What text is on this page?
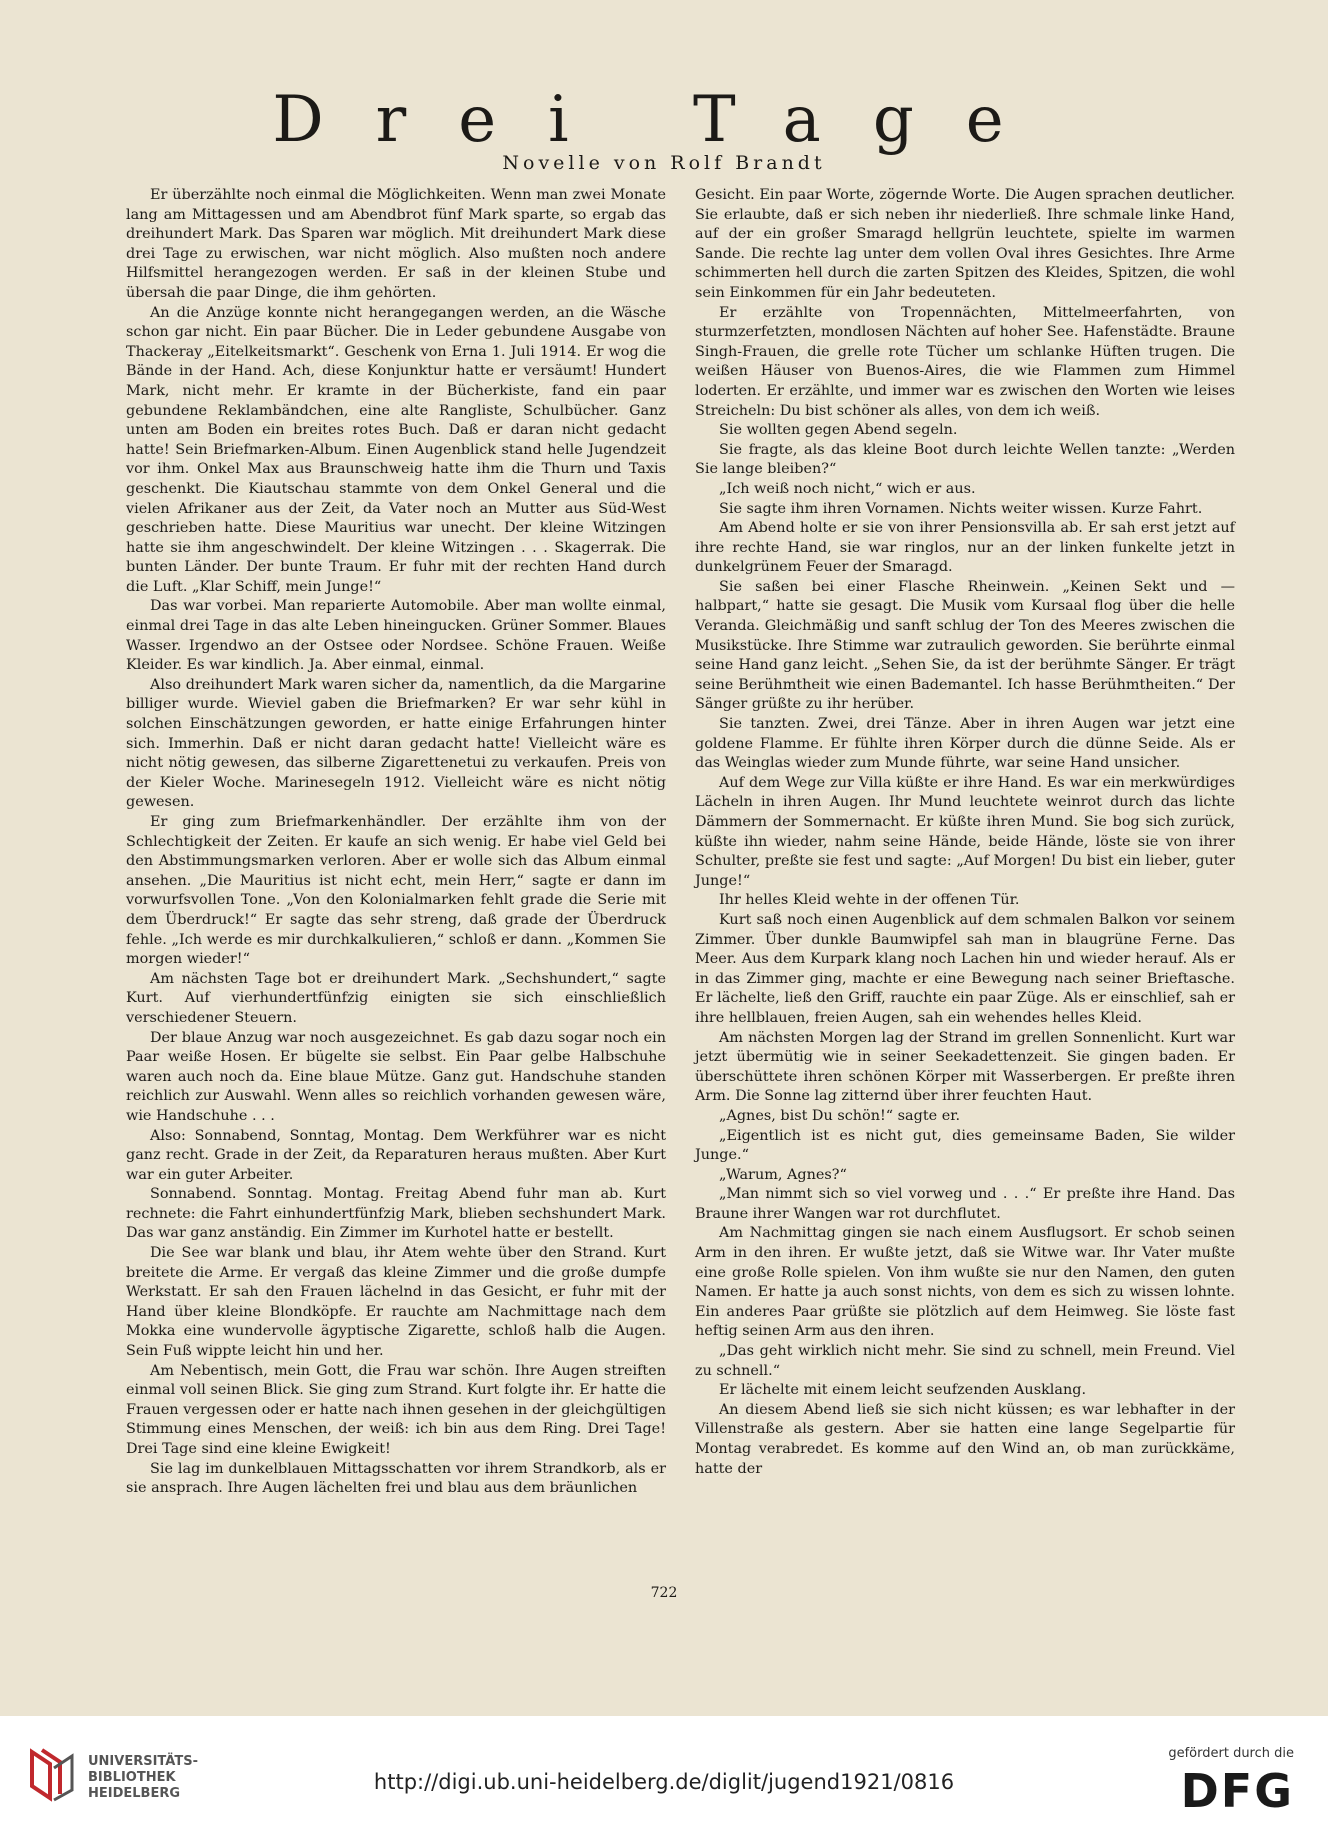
Drei Tage
Novelle von Rolf Brandt

Er überzählte noch einmal die Möglichkeiten. Wenn man zwei Monate lang am Mittagessen und am Abendbrot fünf Mark sparte, so ergab das dreihundert Mark. Das Sparen war möglich. Mit dreihundert Mark diese drei Tage zu erwischen, war nicht möglich. Also mußten noch andere Hilfsmittel herangezogen werden. Er saß in der kleinen Stube und übersah die paar Dinge, die ihm gehörten.

An die Anzüge konnte nicht herangegangen werden, an die Wäsche schon gar nicht. Ein paar Bücher. Die in Leder gebundene Ausgabe von Thackeray „Eitelkeitsmarkt“. Geschenk von Erna 1. Juli 1914. Er wog die Bände in der Hand. Ach, diese Konjunktur hatte er versäumt! Hundert Mark, nicht mehr. Er kramte in der Bücherkiste, fand ein paar gebundene Reklambändchen, eine alte Rangliste, Schulbücher. Ganz unten am Boden ein breites rotes Buch. Daß er daran nicht gedacht hatte! Sein Briefmarken-Album. Einen Augenblick stand helle Jugendzeit vor ihm. Onkel Max aus Braunschweig hatte ihm die Thurn und Taxis geschenkt. Die Kiautschau stammte von dem Onkel General und die vielen Afrikaner aus der Zeit, da Vater noch an Mutter aus Süd-West geschrieben hatte. Diese Mauritius war unecht. Der kleine Witzingen hatte sie ihm angeschwindelt. Der kleine Witzingen . . . Skagerrak. Die bunten Länder. Der bunte Traum. Er fuhr mit der rechten Hand durch die Luft. „Klar Schiff, mein Junge!“

Das war vorbei. Man reparierte Automobile. Aber man wollte einmal, einmal drei Tage in das alte Leben hineingucken. Grüner Sommer. Blaues Wasser. Irgendwo an der Ostsee oder Nordsee. Schöne Frauen. Weiße Kleider. Es war kindlich. Ja. Aber einmal, einmal.

Also dreihundert Mark waren sicher da, namentlich, da die Margarine billiger wurde. Wieviel gaben die Briefmarken? Er war sehr kühl in solchen Einschätzungen geworden, er hatte einige Erfahrungen hinter sich. Immerhin. Daß er nicht daran gedacht hatte! Vielleicht wäre es nicht nötig gewesen, das silberne Zigarettenetui zu verkaufen. Preis von der Kieler Woche. Marinesegeln 1912. Vielleicht wäre es nicht nötig gewesen.

Er ging zum Briefmarkenhändler. Der erzählte ihm von der Schlechtigkeit der Zeiten. Er kaufe an sich wenig. Er habe viel Geld bei den Abstimmungsmarken verloren. Aber er wolle sich das Album einmal ansehen. „Die Mauritius ist nicht echt, mein Herr,“ sagte er dann im vorwurfsvollen Tone. „Von den Kolonialmarken fehlt grade die Serie mit dem Überdruck!“ Er sagte das sehr streng, daß grade der Überdruck fehle. „Ich werde es mir durchkalkulieren,“ schloß er dann. „Kommen Sie morgen wieder!“

Am nächsten Tage bot er dreihundert Mark. „Sechshundert,“ sagte Kurt. Auf vierhundertfünfzig einigten sie sich einschließlich verschiedener Steuern.

Der blaue Anzug war noch ausgezeichnet. Es gab dazu sogar noch ein Paar weiße Hosen. Er bügelte sie selbst. Ein Paar gelbe Halbschuhe waren auch noch da. Eine blaue Mütze. Ganz gut. Handschuhe standen reichlich zur Auswahl. Wenn alles so reichlich vorhanden gewesen wäre, wie Handschuhe . . .

Also: Sonnabend, Sonntag, Montag. Dem Werkführer war es nicht ganz recht. Grade in der Zeit, da Reparaturen heraus mußten. Aber Kurt war ein guter Arbeiter.

Sonnabend. Sonntag. Montag. Freitag Abend fuhr man ab. Kurt rechnete: die Fahrt einhundertfünfzig Mark, blieben sechshundert Mark. Das war ganz anständig. Ein Zimmer im Kurhotel hatte er bestellt.

Die See war blank und blau, ihr Atem wehte über den Strand. Kurt breitete die Arme. Er vergaß das kleine Zimmer und die große dumpfe Werkstatt. Er sah den Frauen lächelnd in das Gesicht, er fuhr mit der Hand über kleine Blondköpfe. Er rauchte am Nachmittage nach dem Mokka eine wundervolle ägyptische Zigarette, schloß halb die Augen. Sein Fuß wippte leicht hin und her.

Am Nebentisch, mein Gott, die Frau war schön. Ihre Augen streiften einmal voll seinen Blick. Sie ging zum Strand. Kurt folgte ihr. Er hatte die Frauen vergessen oder er hatte nach ihnen gesehen in der gleichgültigen Stimmung eines Menschen, der weiß: ich bin aus dem Ring. Drei Tage! Drei Tage sind eine kleine Ewigkeit!

Sie lag im dunkelblauen Mittagsschatten vor ihrem Strandkorb, als er sie ansprach. Ihre Augen lächelten frei und blau aus dem bräunlichen

Gesicht. Ein paar Worte, zögernde Worte. Die Augen sprachen deutlicher. Sie erlaubte, daß er sich neben ihr niederließ. Ihre schmale linke Hand, auf der ein großer Smaragd hellgrün leuchtete, spielte im warmen Sande. Die rechte lag unter dem vollen Oval ihres Gesichtes. Ihre Arme schimmerten hell durch die zarten Spitzen des Kleides, Spitzen, die wohl sein Einkommen für ein Jahr bedeuteten.

Er erzählte von Tropennächten, Mittelmeerfahrten, von sturmzerfetzten, mondlosen Nächten auf hoher See. Hafenstädte. Braune Singh-Frauen, die grelle rote Tücher um schlanke Hüften trugen. Die weißen Häuser von Buenos-Aires, die wie Flammen zum Himmel loderten. Er erzählte, und immer war es zwischen den Worten wie leises Streicheln: Du bist schöner als alles, von dem ich weiß.

Sie wollten gegen Abend segeln.

Sie fragte, als das kleine Boot durch leichte Wellen tanzte: „Werden Sie lange bleiben?“

„Ich weiß noch nicht,“ wich er aus.

Sie sagte ihm ihren Vornamen. Nichts weiter wissen. Kurze Fahrt.

Am Abend holte er sie von ihrer Pensionsvilla ab. Er sah erst jetzt auf ihre rechte Hand, sie war ringlos, nur an der linken funkelte jetzt in dunkelgrünem Feuer der Smaragd.

Sie saßen bei einer Flasche Rheinwein. „Keinen Sekt und — halbpart,“ hatte sie gesagt. Die Musik vom Kursaal flog über die helle Veranda. Gleichmäßig und sanft schlug der Ton des Meeres zwischen die Musikstücke. Ihre Stimme war zutraulich geworden. Sie berührte einmal seine Hand ganz leicht. „Sehen Sie, da ist der berühmte Sänger. Er trägt seine Berühmtheit wie einen Bademantel. Ich hasse Berühmtheiten.“ Der Sänger grüßte zu ihr herüber.

Sie tanzten. Zwei, drei Tänze. Aber in ihren Augen war jetzt eine goldene Flamme. Er fühlte ihren Körper durch die dünne Seide. Als er das Weinglas wieder zum Munde führte, war seine Hand unsicher.

Auf dem Wege zur Villa küßte er ihre Hand. Es war ein merkwürdiges Lächeln in ihren Augen. Ihr Mund leuchtete weinrot durch das lichte Dämmern der Sommernacht. Er küßte ihren Mund. Sie bog sich zurück, küßte ihn wieder, nahm seine Hände, beide Hände, löste sie von ihrer Schulter, preßte sie fest und sagte: „Auf Morgen! Du bist ein lieber, guter Junge!“

Ihr helles Kleid wehte in der offenen Tür.

Kurt saß noch einen Augenblick auf dem schmalen Balkon vor seinem Zimmer. Über dunkle Baumwipfel sah man in blaugrüne Ferne. Das Meer. Aus dem Kurpark klang noch Lachen hin und wieder herauf. Als er in das Zimmer ging, machte er eine Bewegung nach seiner Brieftasche. Er lächelte, ließ den Griff, rauchte ein paar Züge. Als er einschlief, sah er ihre hellblauen, freien Augen, sah ein wehendes helles Kleid.

Am nächsten Morgen lag der Strand im grellen Sonnenlicht. Kurt war jetzt übermütig wie in seiner Seekadettenzeit. Sie gingen baden. Er überschüttete ihren schönen Körper mit Wasserbergen. Er preßte ihren Arm. Die Sonne lag zitternd über ihrer feuchten Haut.

„Agnes, bist Du schön!“ sagte er.

„Eigentlich ist es nicht gut, dies gemeinsame Baden, Sie wilder Junge.“

„Warum, Agnes?“

„Man nimmt sich so viel vorweg und . . .“ Er preßte ihre Hand. Das Braune ihrer Wangen war rot durchflutet.

Am Nachmittag gingen sie nach einem Ausflugsort. Er schob seinen Arm in den ihren. Er wußte jetzt, daß sie Witwe war. Ihr Vater mußte eine große Rolle spielen. Von ihm wußte sie nur den Namen, den guten Namen. Er hatte ja auch sonst nichts, von dem es sich zu wissen lohnte. Ein anderes Paar grüßte sie plötzlich auf dem Heimweg. Sie löste fast heftig seinen Arm aus den ihren.

„Das geht wirklich nicht mehr. Sie sind zu schnell, mein Freund. Viel zu schnell.“

Er lächelte mit einem leicht seufzenden Ausklang.

An diesem Abend ließ sie sich nicht küssen; es war lebhafter in der Villenstraße als gestern. Aber sie hatten eine lange Segelpartie für Montag verabredet. Es komme auf den Wind an, ob man zurückkäme, hatte der

722
UNIVERSITÄTS-
BIBLIOTHEK
HEIDELBERG	http://digi.ub.uni-heidelberg.de/diglit/jugend1921/0816
gefördert durch die
DFG
